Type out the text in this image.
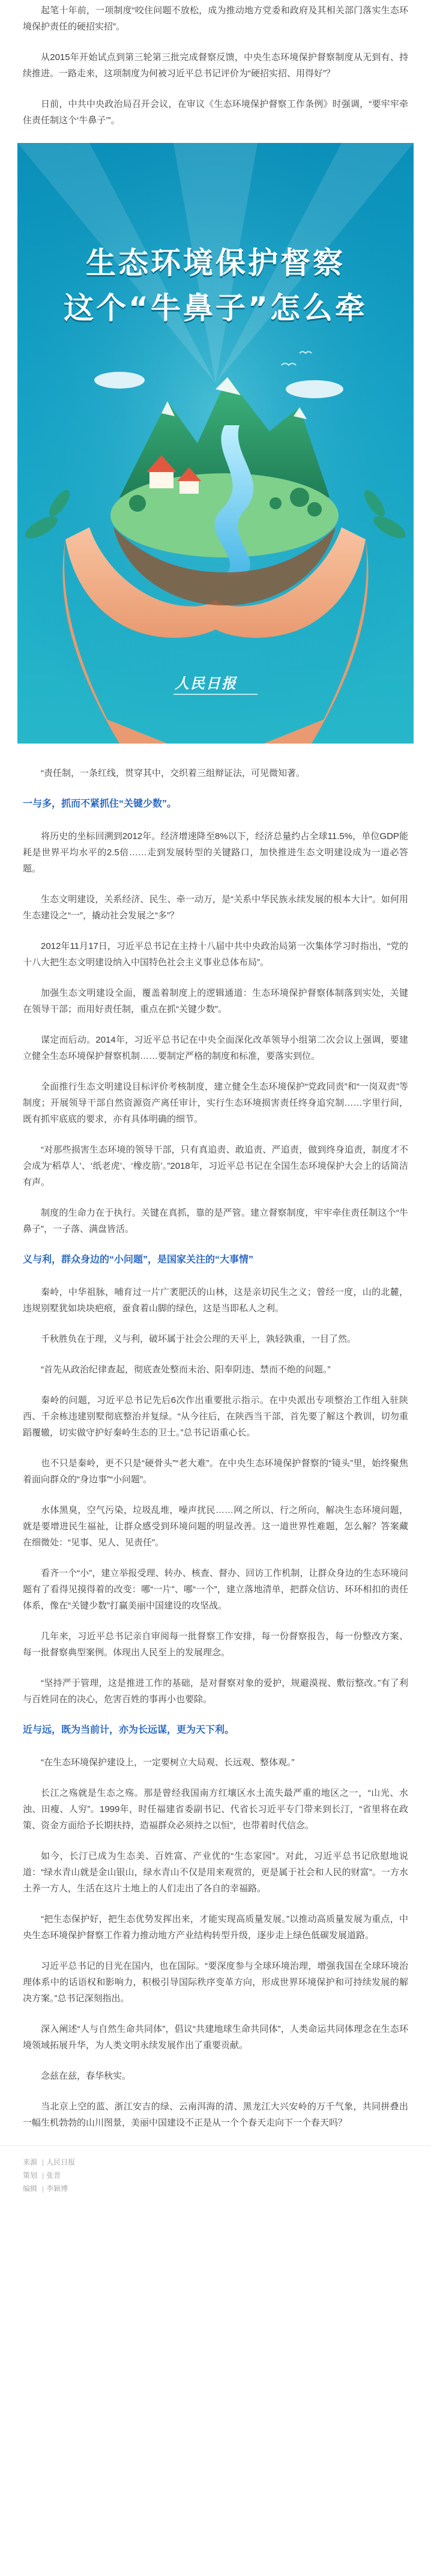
起笔十年前，一项制度“咬住问题不放松，成为推动地方党委和政府及其相关部门落实生态环境保护责任的硬招实招”。

从2015年开始试点到第三轮第三批完成督察反馈，中央生态环境保护督察制度从无到有、持续推进。一路走来，这项制度为何被习近平总书记评价为“硬招实招、用得好”？

日前，中共中央政治局召开会议，在审议《生态环境保护督察工作条例》时强调，“要牢牢牵住责任制这个‘牛鼻子’”。

生态环境保护督察
这个“牛鼻子”怎么牵
人民日报

“责任制，一条红线，贯穿其中，交织着三组辩证法，可见微知著。

一与多，抓而不紧抓住“关键少数”。

将历史的坐标回溯到2012年。经济增速降至8%以下，经济总量约占全球11.5%，单位GDP能耗是世界平均水平的2.5倍……走到发展转型的关键路口，加快推进生态文明建设成为一道必答题。

生态文明建设，关系经济、民生、牵一动万，是“关系中华民族永续发展的根本大计”。如何用生态建设之“一”，撬动社会发展之“多”？

2012年11月17日，习近平总书记在主持十八届中共中央政治局第一次集体学习时指出，“党的十八大把生态文明建设纳入中国特色社会主义事业总体布局”。

加强生态文明建设全面，覆盖着制度上的逻辑通道：生态环境保护督察体制落到实处，关键在领导干部；而用好责任制，重点在抓“关键少数”。

谋定而后动。2014年，习近平总书记在中央全面深化改革领导小组第二次会议上强调，要建立健全生态环境保护督察机制……要制定严格的制度和标准，要落实到位。

全面推行生态文明建设目标评价考核制度，建立健全生态环境保护“党政同责”和“一岗双责”等制度；开展领导干部自然资源资产离任审计，实行生态环境损害责任终身追究制……字里行间，既有抓牢底底的要求，亦有具体明确的细节。

“对那些损害生态环境的领导干部，只有真追责、敢追责、严追责，做到终身追责，制度才不会成为‘稻草人’、‘纸老虎’、‘橡皮筋’。”2018年，习近平总书记在全国生态环境保护大会上的话简洁有声。

制度的生命力在于执行。关键在真抓，靠的是严管。建立督察制度，牢牢牵住责任制这个“牛鼻子”，一子落、满盘皆活。

义与利，群众身边的“小问题”，是国家关注的“大事情”

秦岭，中华祖脉，哺育过一片广袤肥沃的山林，这是亲切民生之义；曾经一度，山的北麓，违规别墅犹如块块疤痕，蚕食着山脚的绿色，这是当即私人之利。

千秋胜负在于理，义与利，破坏属于社会公理的天平上，孰轻孰重，一目了然。

“首先从政治纪律查起，彻底查处整而未治、阳奉阴违、禁而不绝的问题。”

秦岭的问题，习近平总书记先后6次作出重要批示指示。在中央派出专项整治工作组入驻陕西、千余栋违建别墅彻底整治并复绿。“从今往后，在陕西当干部，首先要了解这个教训，切勿重蹈覆辙，切实做守护好秦岭生态的卫士。”总书记语重心长。

也不只是秦岭，更不只是“硬骨头”“老大难”。在中央生态环境保护督察的“镜头”里，始终聚焦着面向群众的“身边事”“小问题”。

水体黑臭，空气污染，垃圾乱堆，噪声扰民……网之所以、行之所向，解决生态环境问题，就是要增进民生福祉，让群众感受到环境问题的明显改善。这一道世界性难题，怎么解？答案藏在细微处：“见事、见人、见责任”。

看齐一个“小”，建立举报受理、转办、核查、督办、回访工作机制，让群众身边的生态环境问题有了看得见摸得着的改变：哪“一片”、哪“一个”，建立落地清单，把群众信访、环环相扣的责任体系，像在“关键少数”打赢美丽中国建设的攻坚战。

几年来，习近平总书记亲自审阅每一批督察工作安排，每一份督察报告，每一份整改方案、每一批督察典型案例。体现出人民至上的发展理念。

“坚持严于管理，这是推进工作的基础，是对督察对象的爱护，规避漠视、敷衍整改。”有了利与百姓同在的决心，危害百姓的事再小也要除。

近与远，既为当前计，亦为长远谋，更为天下利。

“在生态环境保护建设上，一定要树立大局观、长远观、整体观。”

长江之殇就是生态之殇。那是曾经我国南方红壤区水土流失最严重的地区之一，“山光、水浊、田瘦、人穷”。1999年，时任福建省委副书记、代省长习近平专门带来到长汀，“省里将在政策、资金方面给予长期扶持，造福群众必须持之以恒”，也带着时代信念。

如今，长汀已成为生态美、百姓富、产业优的“生态家园”。对此，习近平总书记欣慰地说道：“绿水青山就是金山银山，绿水青山不仅是用来观赏的，更是属于社会和人民的财富”。一方水土养一方人，生活在这片土地上的人们走出了各自的幸福路。

“把生态保护好，把生态优势发挥出来，才能实现高质量发展。”以推动高质量发展为重点，中央生态环境保护督察工作着力推动地方产业结构转型升级，逐步走上绿色低碳发展道路。

习近平总书记的目光在国内，也在国际。“要深度参与全球环境治理，增强我国在全球环境治理体系中的话语权和影响力，积极引导国际秩序变革方向，形成世界环境保护和可持续发展的解决方案。”总书记深刻指出。

深入阐述“人与自然生命共同体”，倡议“共建地球生命共同体”，人类命运共同体理念在生态环境领域拓展升华，为人类文明永续发展作出了重要贡献。

念兹在兹，春华秋实。

当北京上空的蓝、浙江安吉的绿、云南洱海的清、黑龙江大兴安岭的万千气象，共同拼叠出一幅生机勃勃的山川图景，美丽中国建设不正是从一个个春天走向下一个春天吗？

来源 | 人民日报
策划 | 张晋
编辑 | 李颖博
